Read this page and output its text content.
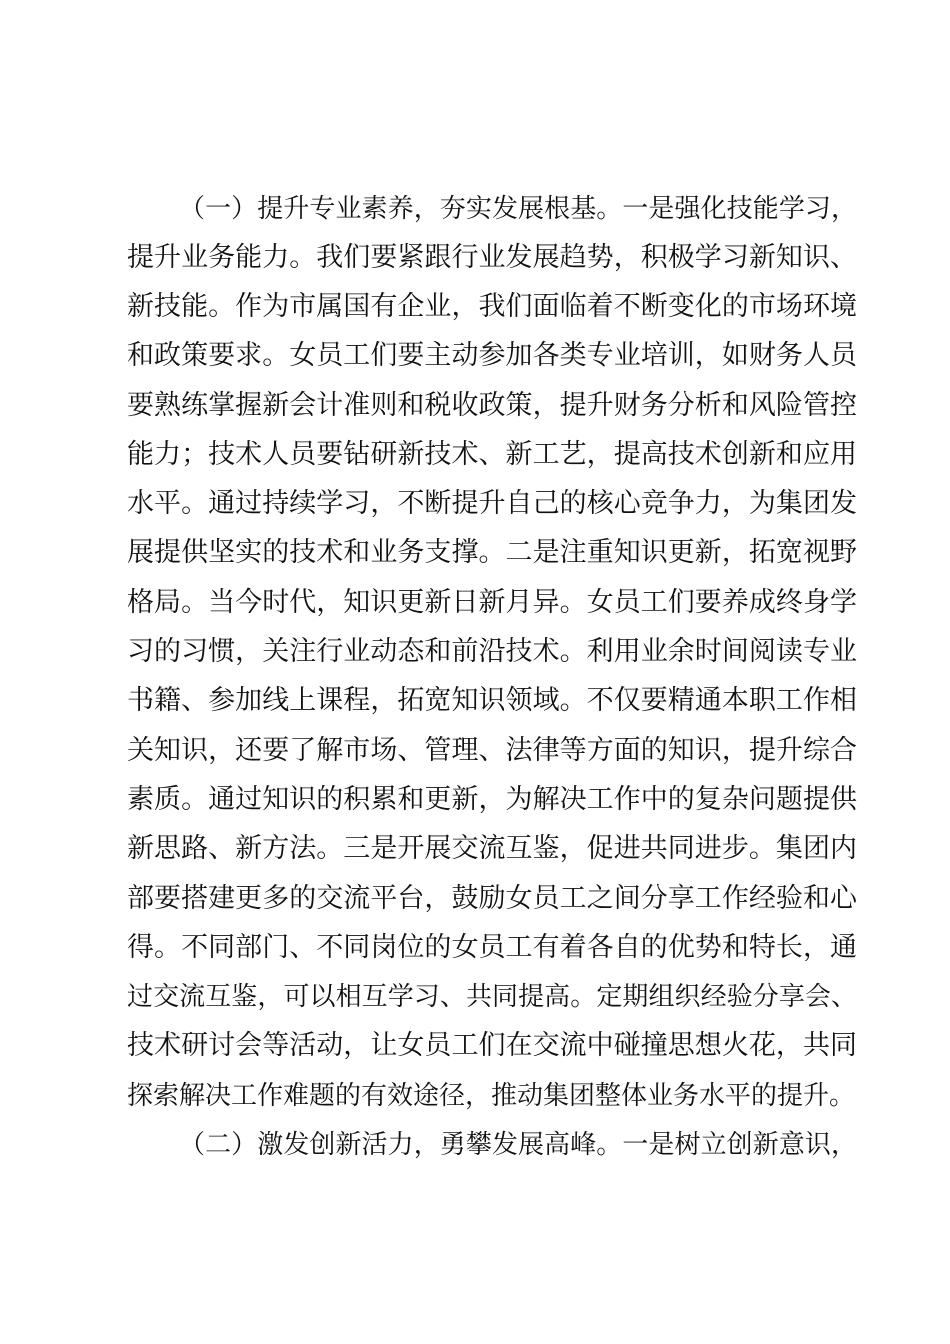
（一）提升专业素养，夯实发展根基。一是强化技能学习，
提升业务能力。我们要紧跟行业发展趋势，积极学习新知识、
新技能。作为市属国有企业，我们面临着不断变化的市场环境
和政策要求。女员工们要主动参加各类专业培训，如财务人员
要熟练掌握新会计准则和税收政策，提升财务分析和风险管控
能力；技术人员要钻研新技术、新工艺，提高技术创新和应用
水平。通过持续学习，不断提升自己的核心竞争力，为集团发
展提供坚实的技术和业务支撑。二是注重知识更新，拓宽视野
格局。当今时代，知识更新日新月异。女员工们要养成终身学
习的习惯，关注行业动态和前沿技术。利用业余时间阅读专业
书籍、参加线上课程，拓宽知识领域。不仅要精通本职工作相
关知识，还要了解市场、管理、法律等方面的知识，提升综合
素质。通过知识的积累和更新，为解决工作中的复杂问题提供
新思路、新方法。三是开展交流互鉴，促进共同进步。集团内
部要搭建更多的交流平台，鼓励女员工之间分享工作经验和心
得。不同部门、不同岗位的女员工有着各自的优势和特长，通
过交流互鉴，可以相互学习、共同提高。定期组织经验分享会、
技术研讨会等活动，让女员工们在交流中碰撞思想火花，共同
探索解决工作难题的有效途径，推动集团整体业务水平的提升。
（二）激发创新活力，勇攀发展高峰。一是树立创新意识，
